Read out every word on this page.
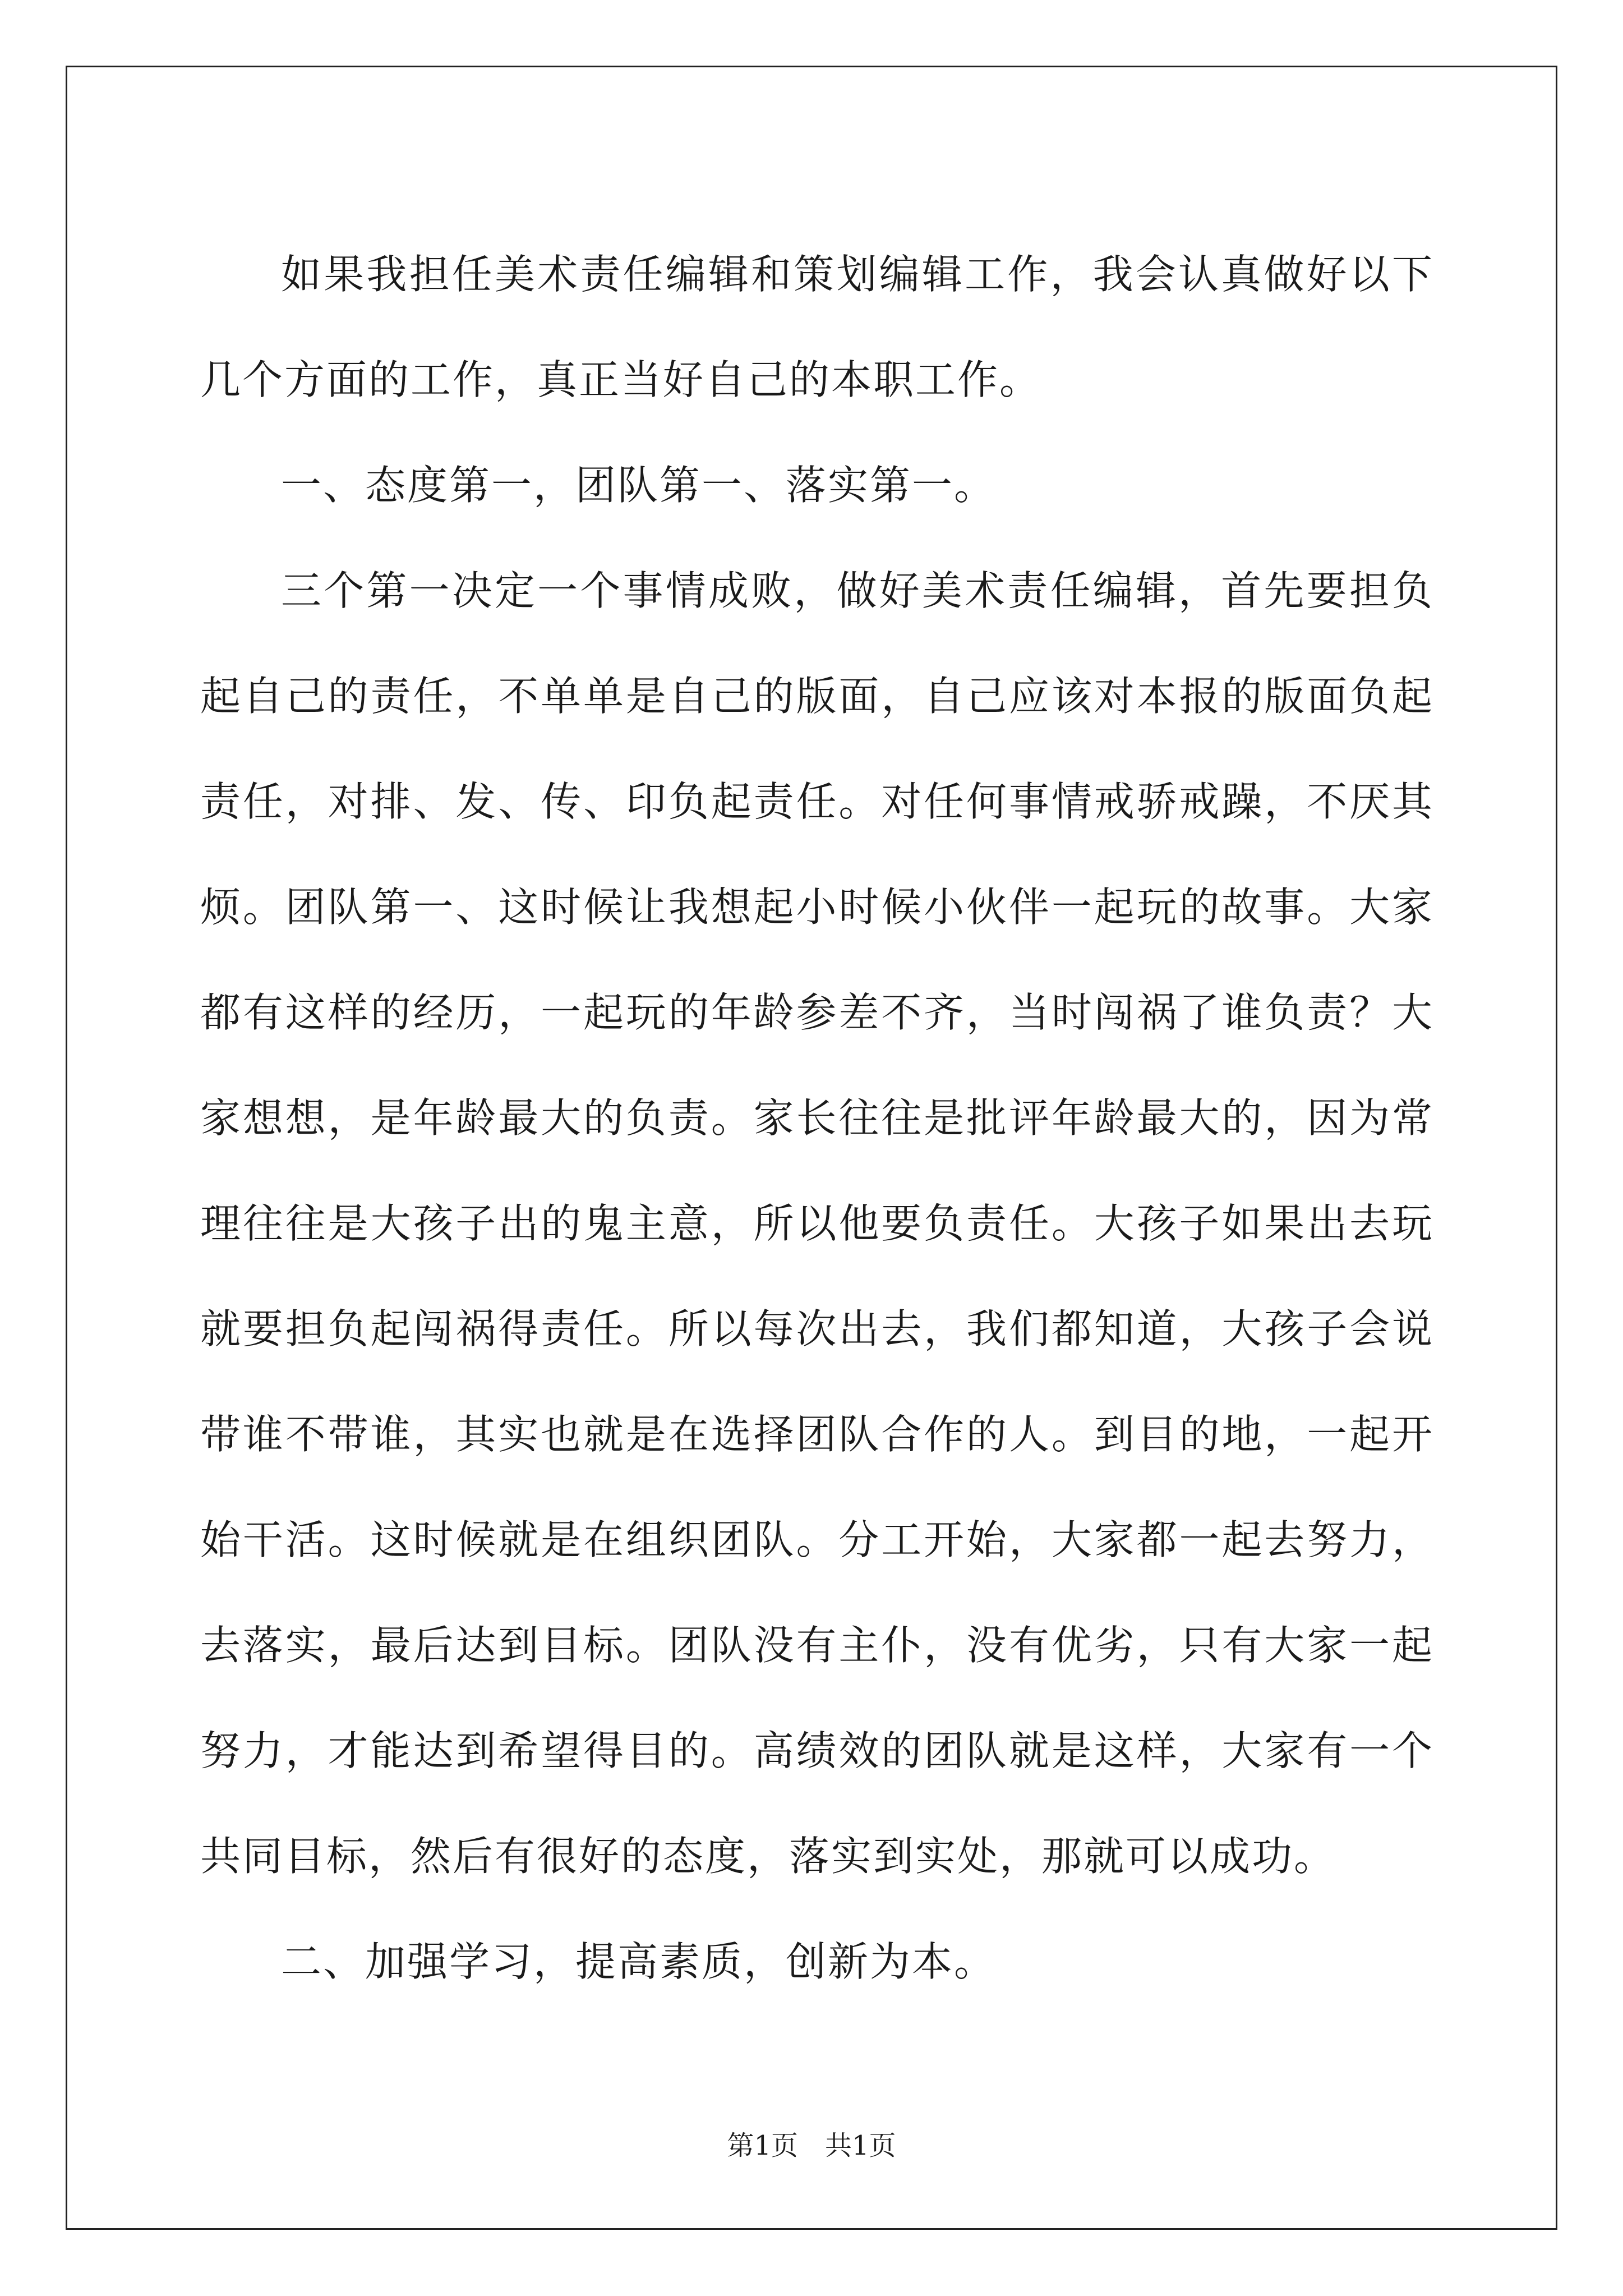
如果我担任美术责任编辑和策划编辑工作，我会认真做好以下几个方面的工作，真正当好自己的本职工作。

一、态度第一，团队第一、落实第一。

三个第一决定一个事情成败，做好美术责任编辑，首先要担负起自己的责任，不单单是自己的版面，自己应该对本报的版面负起责任，对排、发、传、印负起责任。对任何事情戒骄戒躁，不厌其烦。团队第一、这时候让我想起小时候小伙伴一起玩的故事。大家都有这样的经历，一起玩的年龄参差不齐，当时闯祸了谁负责？大家想想，是年龄最大的负责。家长往往是批评年龄最大的，因为常理往往是大孩子出的鬼主意，所以他要负责任。大孩子如果出去玩就要担负起闯祸得责任。所以每次出去，我们都知道，大孩子会说带谁不带谁，其实也就是在选择团队合作的人。到目的地，一起开始干活。这时候就是在组织团队。分工开始，大家都一起去努力，去落实，最后达到目标。团队没有主仆，没有优劣，只有大家一起努力，才能达到希望得目的。高绩效的团队就是这样，大家有一个共同目标，然后有很好的态度，落实到实处，那就可以成功。

二、加强学习，提高素质，创新为本。

第1页 共1页
